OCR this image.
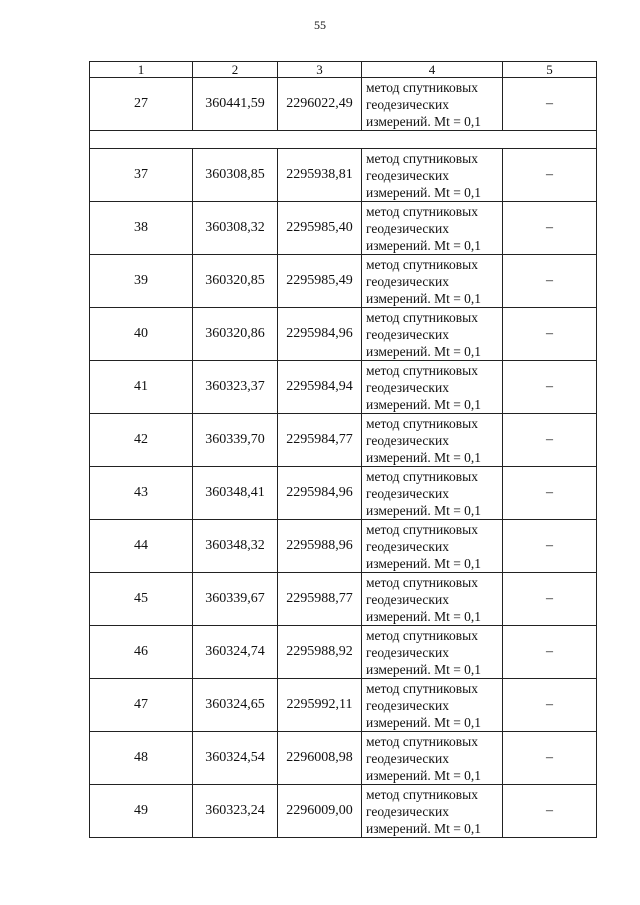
55
1	2	3	4	5
27	360441,59	2296022,49	метод спутниковых
геодезических
измерений. Mt = 0,1	–

37	360308,85	2295938,81	метод спутниковых
геодезических
измерений. Mt = 0,1	–
38	360308,32	2295985,40	метод спутниковых
геодезических
измерений. Mt = 0,1	–
39	360320,85	2295985,49	метод спутниковых
геодезических
измерений. Mt = 0,1	–
40	360320,86	2295984,96	метод спутниковых
геодезических
измерений. Mt = 0,1	–
41	360323,37	2295984,94	метод спутниковых
геодезических
измерений. Mt = 0,1	–
42	360339,70	2295984,77	метод спутниковых
геодезических
измерений. Mt = 0,1	–
43	360348,41	2295984,96	метод спутниковых
геодезических
измерений. Mt = 0,1	–
44	360348,32	2295988,96	метод спутниковых
геодезических
измерений. Mt = 0,1	–
45	360339,67	2295988,77	метод спутниковых
геодезических
измерений. Mt = 0,1	–
46	360324,74	2295988,92	метод спутниковых
геодезических
измерений. Mt = 0,1	–
47	360324,65	2295992,11	метод спутниковых
геодезических
измерений. Mt = 0,1	–
48	360324,54	2296008,98	метод спутниковых
геодезических
измерений. Mt = 0,1	–
49	360323,24	2296009,00	метод спутниковых
геодезических
измерений. Mt = 0,1	–
